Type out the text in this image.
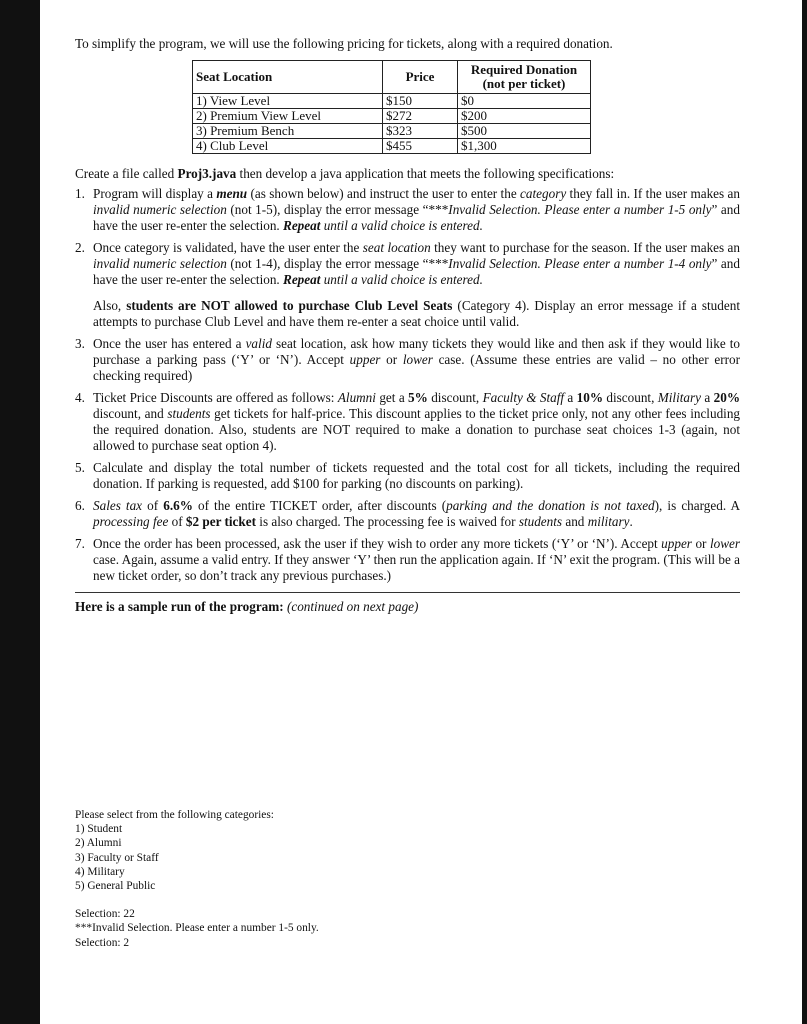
To simplify the program, we will use the following pricing for tickets, along with a required donation.

Seat Location	Price	Required Donation
(not per ticket)
1) View Level	$150	$0
2) Premium View Level	$272	$200
3) Premium Bench	$323	$500
4) Club Level	$455	$1,300

Create a file called Proj3.java then develop a java application that meets the following specifications:

1. Program will display a menu (as shown below) and instruct the user to enter the category they fall in. If the user makes an invalid numeric selection (not 1-5), display the error message “***Invalid Selection. Please enter a number 1-5 only” and have the user re-enter the selection. Repeat until a valid choice is entered.

2. Once category is validated, have the user enter the seat location they want to purchase for the season. If the user makes an invalid numeric selection (not 1-4), display the error message “***Invalid Selection. Please enter a number 1-4 only” and have the user re-enter the selection. Repeat until a valid choice is entered.

Also, students are NOT allowed to purchase Club Level Seats (Category 4). Display an error message if a student attempts to purchase Club Level and have them re-enter a seat choice until valid.

3. Once the user has entered a valid seat location, ask how many tickets they would like and then ask if they would like to purchase a parking pass (‘Y’ or ‘N’). Accept upper or lower case. (Assume these entries are valid – no other error checking required)

4. Ticket Price Discounts are offered as follows: Alumni get a 5% discount, Faculty & Staff a 10% discount, Military a 20% discount, and students get tickets for half-price. This discount applies to the ticket price only, not any other fees including the required donation. Also, students are NOT required to make a donation to purchase seat choices 1-3 (again, not allowed to purchase seat option 4).

5. Calculate and display the total number of tickets requested and the total cost for all tickets, including the required donation. If parking is requested, add $100 for parking (no discounts on parking).

6. Sales tax of 6.6% of the entire TICKET order, after discounts (parking and the donation is not taxed), is charged. A processing fee of $2 per ticket is also charged. The processing fee is waived for students and military.

7. Once the order has been processed, ask the user if they wish to order any more tickets (‘Y’ or ‘N’). Accept upper or lower case. Again, assume a valid entry. If they answer ‘Y’ then run the application again. If ‘N’ exit the program. (This will be a new ticket order, so don’t track any previous purchases.)

Here is a sample run of the program: (continued on next page)

Please select from the following categories:
1) Student
2) Alumni
3) Faculty or Staff
4) Military
5) General Public
Selection: 22
***Invalid Selection. Please enter a number 1-5 only.
Selection: 2
